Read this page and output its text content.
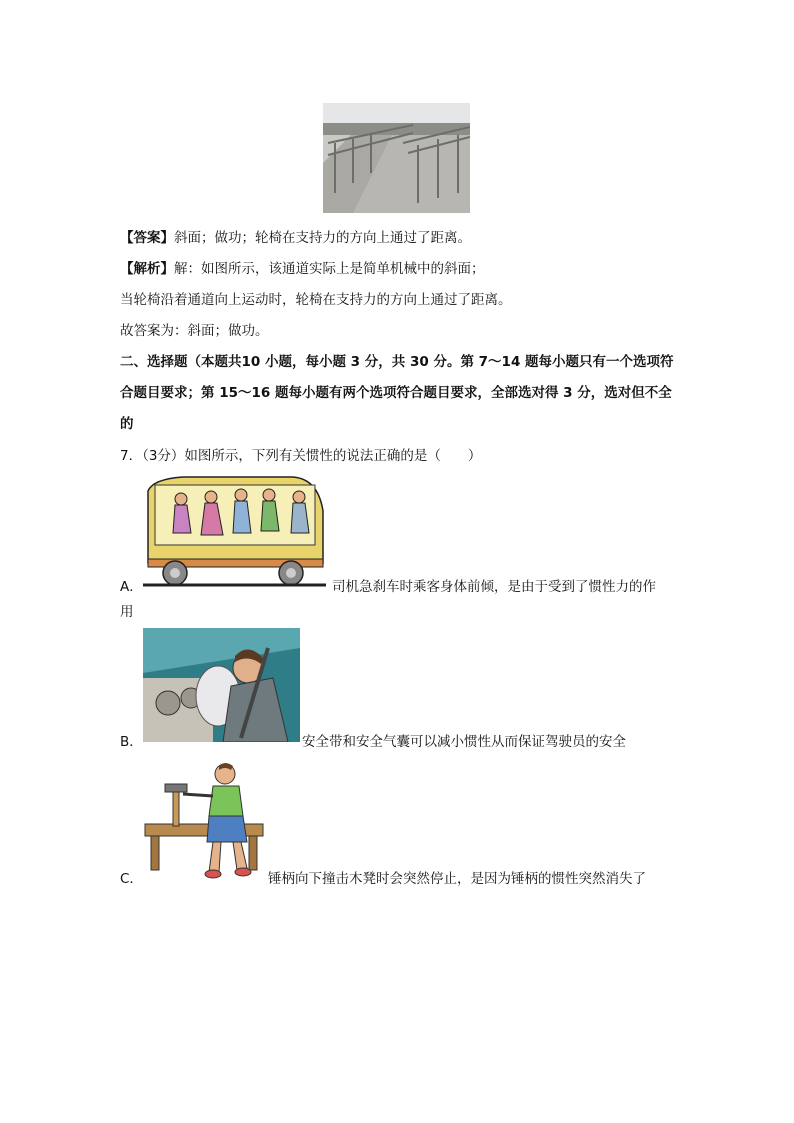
【答案】斜面；做功；轮椅在支持力的方向上通过了距离。
【解析】解：如图所示，该通道实际上是简单机械中的斜面；
当轮椅沿着通道向上运动时，轮椅在支持力的方向上通过了距离。
故答案为：斜面；做功。
二、选择题（本题共10 小题，每小题 3 分，共 30 分。第 7～14 题每小题只有一个选项符
合题目要求；第 15～16 题每小题有两个选项符合题目要求，全部选对得 3 分，选对但不全
的
7．（3分）如图所示，下列有关惯性的说法正确的是（　　）
A．	司机急刹车时乘客身体前倾，是由于受到了惯性力的作
用
B．	安全带和安全气囊可以减小惯性从而保证驾驶员的安全
C．	锤柄向下撞击木凳时会突然停止，是因为锤柄的惯性突然消失了
